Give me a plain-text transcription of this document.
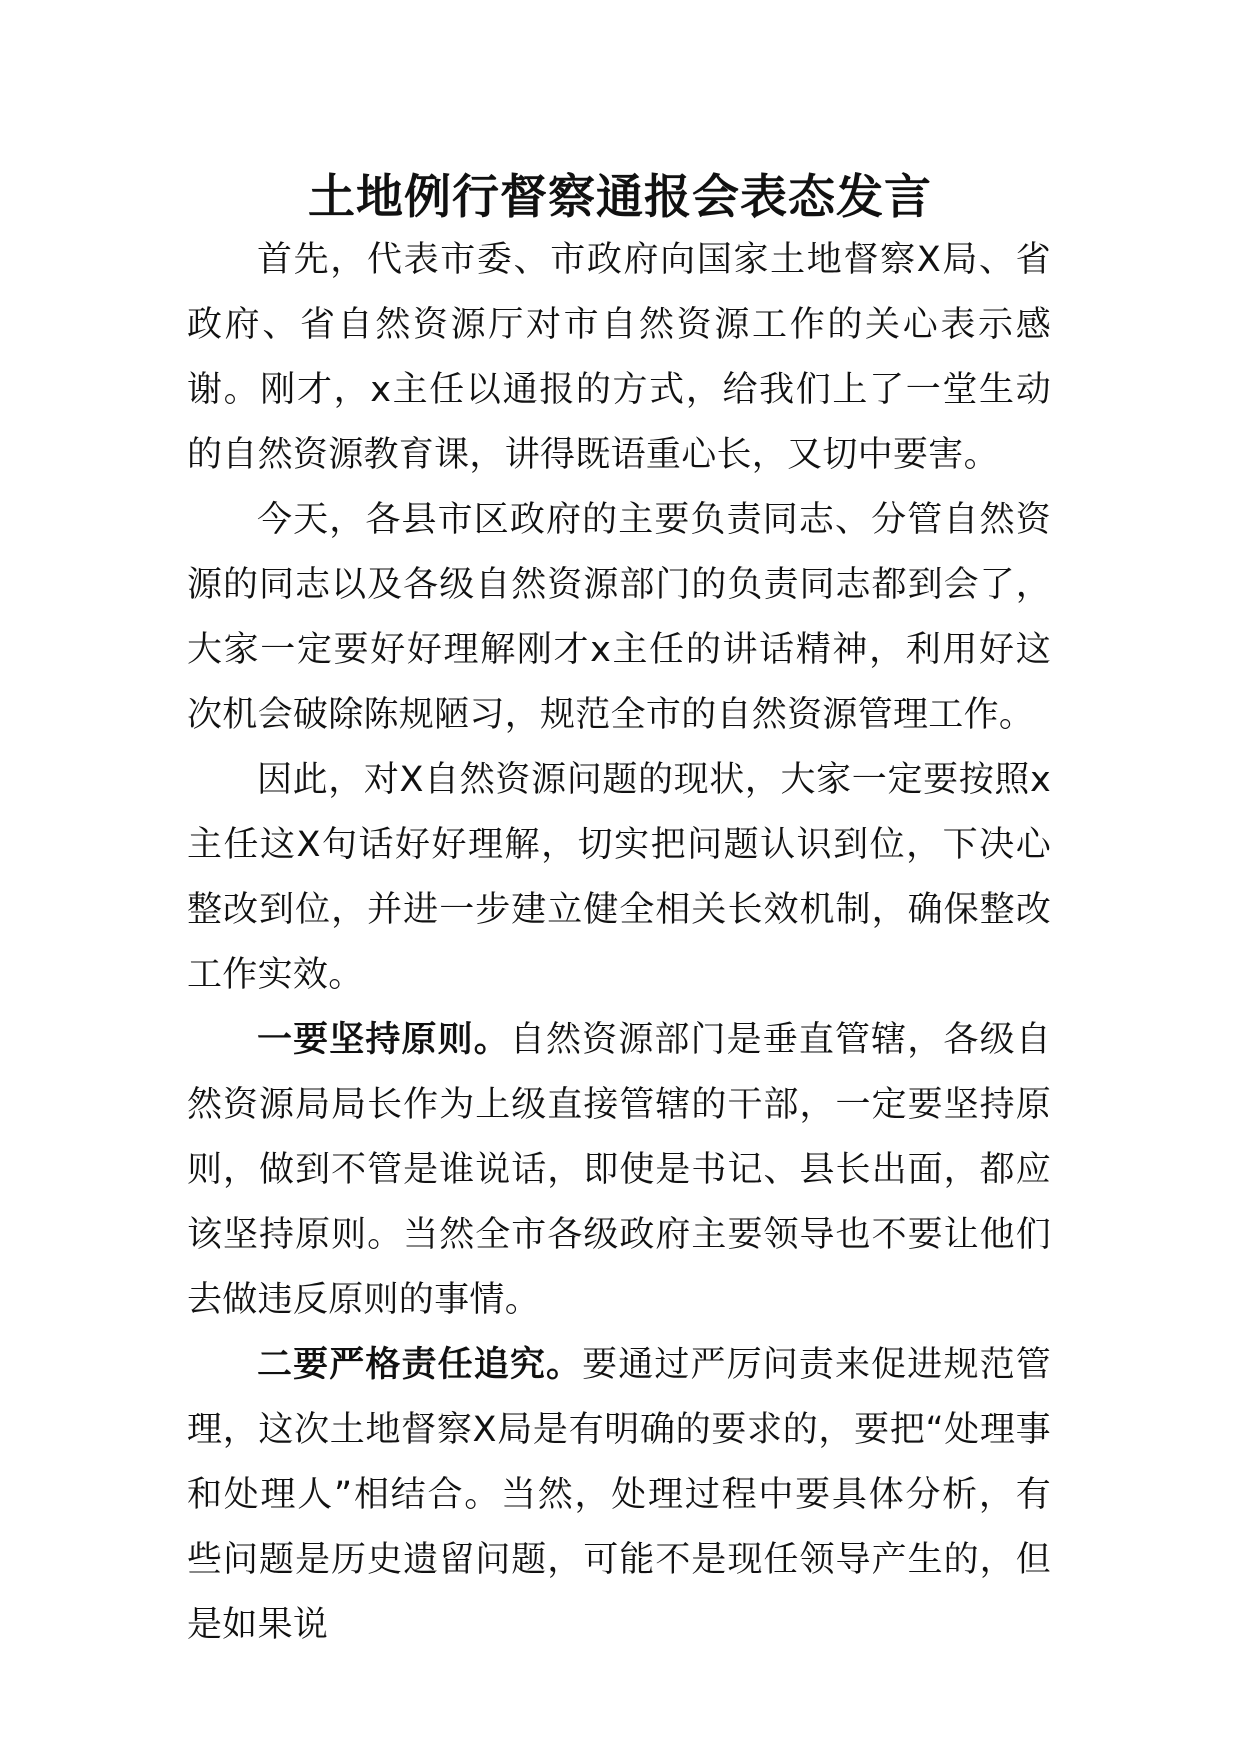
土地例行督察通报会表态发言

首先，代表市委、市政府向国家土地督察X局、省政府、省自然资源厅对市自然资源工作的关心表示感谢。刚才，x主任以通报的方式，给我们上了一堂生动的自然资源教育课，讲得既语重心长，又切中要害。

今天，各县市区政府的主要负责同志、分管自然资源的同志以及各级自然资源部门的负责同志都到会了，大家一定要好好理解刚才x主任的讲话精神，利用好这次机会破除陈规陋习，规范全市的自然资源管理工作。

因此，对X自然资源问题的现状，大家一定要按照x主任这X句话好好理解，切实把问题认识到位，下决心整改到位，并进一步建立健全相关长效机制，确保整改工作实效。

一要坚持原则。自然资源部门是垂直管辖，各级自然资源局局长作为上级直接管辖的干部，一定要坚持原则，做到不管是谁说话，即使是书记、县长出面，都应该坚持原则。当然全市各级政府主要领导也不要让他们去做违反原则的事情。

二要严格责任追究。要通过严厉问责来促进规范管理，这次土地督察X局是有明确的要求的，要把“处理事和处理人”相结合。当然，处理过程中要具体分析，有些问题是历史遗留问题，可能不是现任领导产生的，但是如果说
